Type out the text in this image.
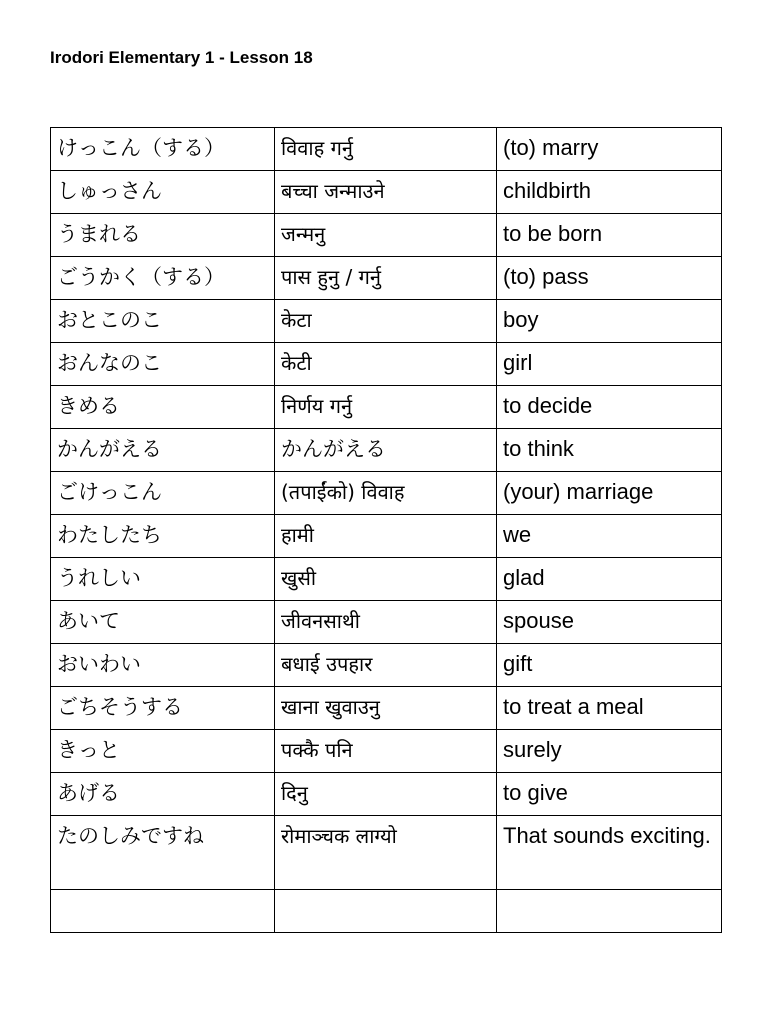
Irodori Elementary 1 - Lesson 18
けっこん（する）	विवाह गर्नु	(to) marry
しゅっさん	बच्चा जन्माउने	childbirth
うまれる	जन्मनु	to be born
ごうかく（する）	पास हुनु / गर्नु	(to) pass
おとこのこ	केटा	boy
おんなのこ	केटी	girl
きめる	निर्णय गर्नु	to decide
かんがえる	かんがえる	to think
ごけっこん	(तपाईंको) विवाह	(your) marriage
わたしたち	हामी	we
うれしい	खुसी	glad
あいて	जीवनसाथी	spouse
おいわい	बधाई उपहार	gift
ごちそうする	खाना खुवाउनु	to treat a meal
きっと	पक्कै पनि	surely
あげる	दिनु	to give
たのしみですね	रोमाञ्चक लाग्यो	That sounds exciting.
